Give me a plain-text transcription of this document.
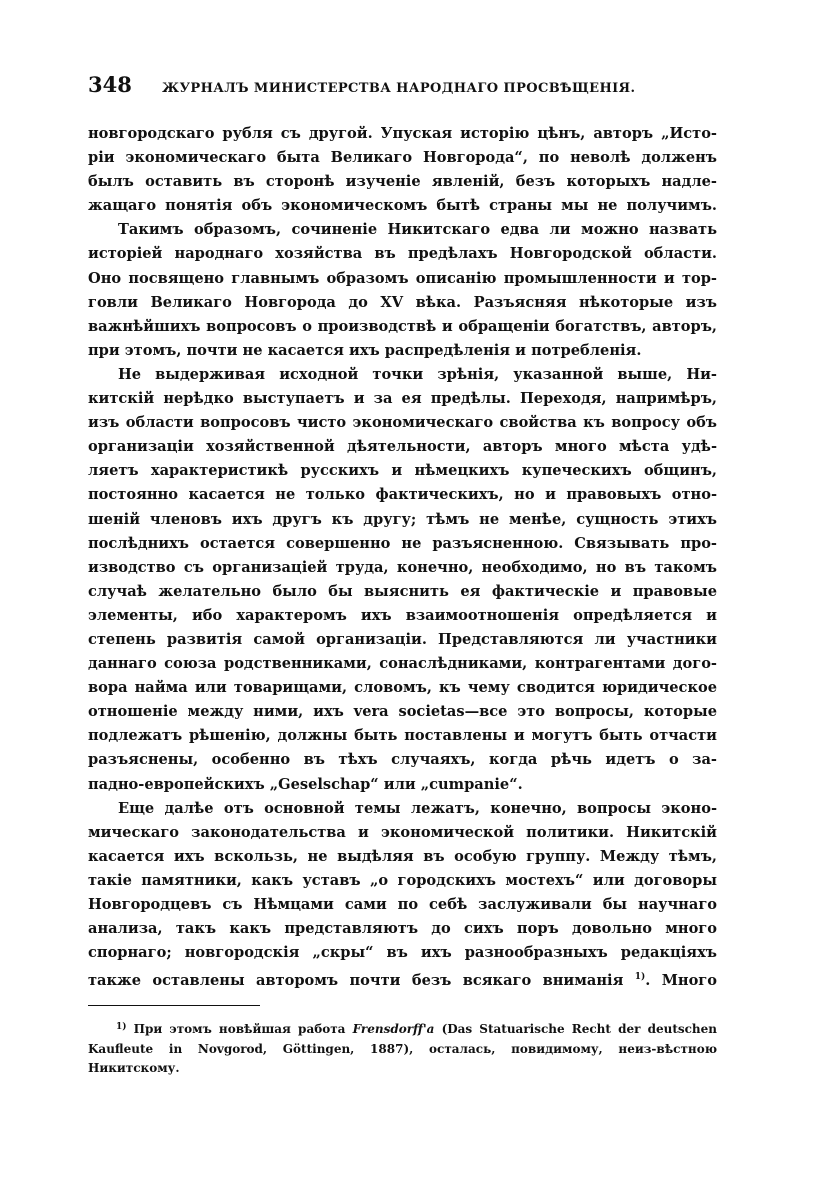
348	ЖУРНАЛЪ МИНИСТЕРСТВА НАРОДНАГО ПРОСВѢЩЕНІЯ.

новгородскаго рубля съ другой. Упуская исторію цѣнъ, авторъ „Исто-

ріи экономическаго быта Великаго Новгорода“, по неволѣ долженъ

былъ оставить въ сторонѣ изученіе явленій, безъ которыхъ надле-

жащаго понятія объ экономическомъ бытѣ страны мы не получимъ.

Такимъ образомъ, сочиненіе Никитскаго едва ли можно назвать

исторіей народнаго хозяйства въ предѣлахъ Новгородской области.

Оно посвящено главнымъ образомъ описанію промышленности и тор-

говли Великаго Новгорода до XV вѣка. Разъясняя нѣкоторые изъ

важнѣйшихъ вопросовъ о производствѣ и обращеніи богатствъ, авторъ,

при этомъ, почти не касается ихъ распредѣленія и потребленія.

Не выдерживая исходной точки зрѣнія, указанной выше, Ни-

китскій нерѣдко выступаетъ и за ея предѣлы. Переходя, напримѣръ,

изъ области вопросовъ чисто экономическаго свойства къ вопросу объ

организаціи хозяйственной дѣятельности, авторъ много мѣста удѣ-

ляетъ характеристикѣ русскихъ и нѣмецкихъ купеческихъ общинъ,

постоянно касается не только фактическихъ, но и правовыхъ отно-

шеній членовъ ихъ другъ къ другу; тѣмъ не менѣе, сущность этихъ

послѣднихъ остается совершенно не разъясненною. Связывать про-

изводство съ организаціей труда, конечно, необходимо, но въ такомъ

случаѣ желательно было бы выяснить ея фактическіе и правовые

элементы, ибо характеромъ ихъ взаимоотношенія опредѣляется и

степень развитія самой организаціи. Представляются ли участники

даннаго союза родственниками, сонаслѣдниками, контрагентами дого-

вора найма или товарищами, словомъ, къ чему сводится юридическое

отношеніе между ними, ихъ vera societas—все это вопросы, которые

подлежатъ рѣшенію, должны быть поставлены и могутъ быть отчасти

разъяснены, особенно въ тѣхъ случаяхъ, когда рѣчь идетъ о за-

падно-европейскихъ „Geselschap“ или „cumpanie“.

Еще далѣе отъ основной темы лежатъ, конечно, вопросы эконо-

мическаго законодательства и экономической политики. Никитскій

касается ихъ вскользь, не выдѣляя въ особую группу. Между тѣмъ,

такіе памятники, какъ уставъ „о городскихъ мостехъ“ или договоры

Новгородцевъ съ Нѣмцами сами по себѣ заслуживали бы научнаго

анализа, такъ какъ представляютъ до сихъ поръ довольно много

спорнаго; новгородскія „скры“ въ ихъ разнообразныхъ редакціяхъ

также оставлены авторомъ почти безъ всякаго вниманія $^{1)}$. Много

$^{1)}$ При этомъ новѣйшая работа Frensdorff'a (Das Statuarische Recht der deutschen Kaufleute in Novgorod, Göttingen, 1887), осталась, повидимому, неиз-вѣстною Никитскому.
